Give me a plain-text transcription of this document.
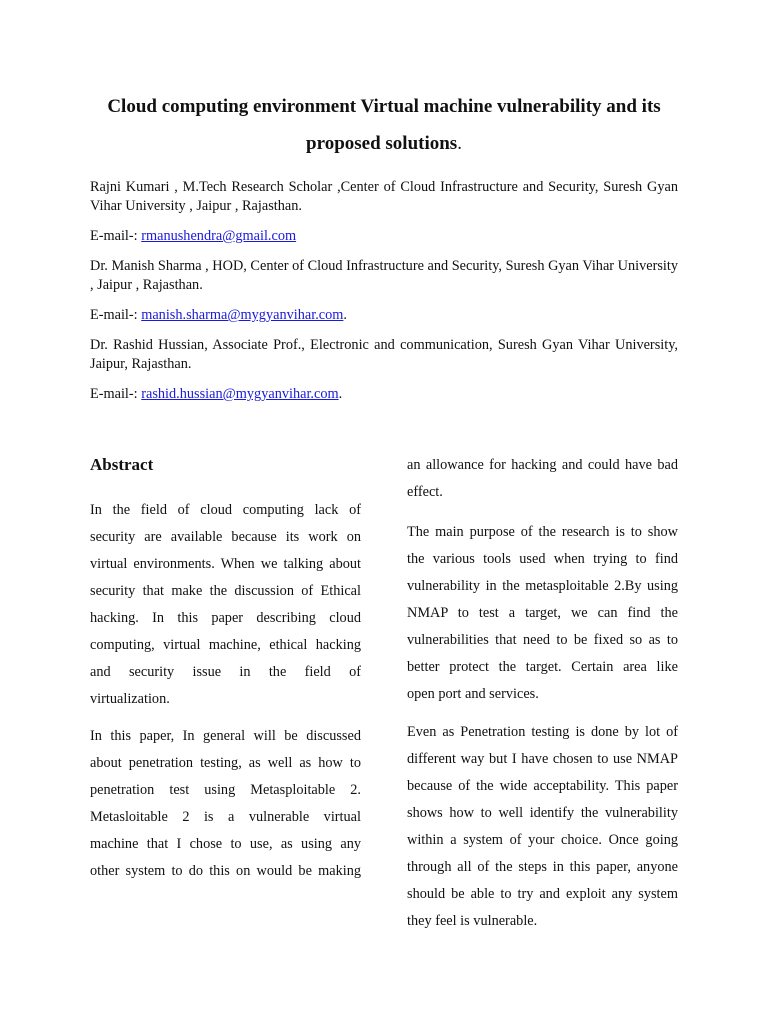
Cloud computing environment Virtual machine vulnerability and its proposed solutions.

Rajni Kumari , M.Tech Research Scholar ,Center of Cloud Infrastructure and Security, Suresh Gyan Vihar University , Jaipur , Rajasthan.

E-mail-: rmanushendra@gmail.com

Dr. Manish Sharma , HOD, Center of Cloud Infrastructure and Security, Suresh Gyan Vihar University , Jaipur , Rajasthan.

E-mail-: manish.sharma@mygyanvihar.com.

Dr. Rashid Hussian, Associate Prof., Electronic and communication, Suresh Gyan Vihar University, Jaipur, Rajasthan.

E-mail-: rashid.hussian@mygyanvihar.com.

Abstract
In the field of cloud computing lack of
security are available because its work on
virtual environments. When we talking about
security that make the discussion of Ethical
hacking. In this paper describing cloud
computing, virtual machine, ethical hacking
and security issue in the field of
virtualization.
In this paper, In general will be discussed
about penetration testing, as well as how to
penetration test using Metasploitable 2.
Metasloitable 2 is a vulnerable virtual
machine that I chose to use, as using any
other system to do this on would be making
an allowance for hacking and could have bad
effect.
The main purpose of the research is to show
the various tools used when trying to find
vulnerability in the metasploitable 2.By using
NMAP to test a target, we can find the
vulnerabilities that need to be fixed so as to
better protect the target. Certain area like
open port and services.
Even as Penetration testing is done by lot of
different way but I have chosen to use NMAP
because of the wide acceptability. This paper
shows how to well identify the vulnerability
within a system of your choice. Once going
through all of the steps in this paper, anyone
should be able to try and exploit any system
they feel is vulnerable.
